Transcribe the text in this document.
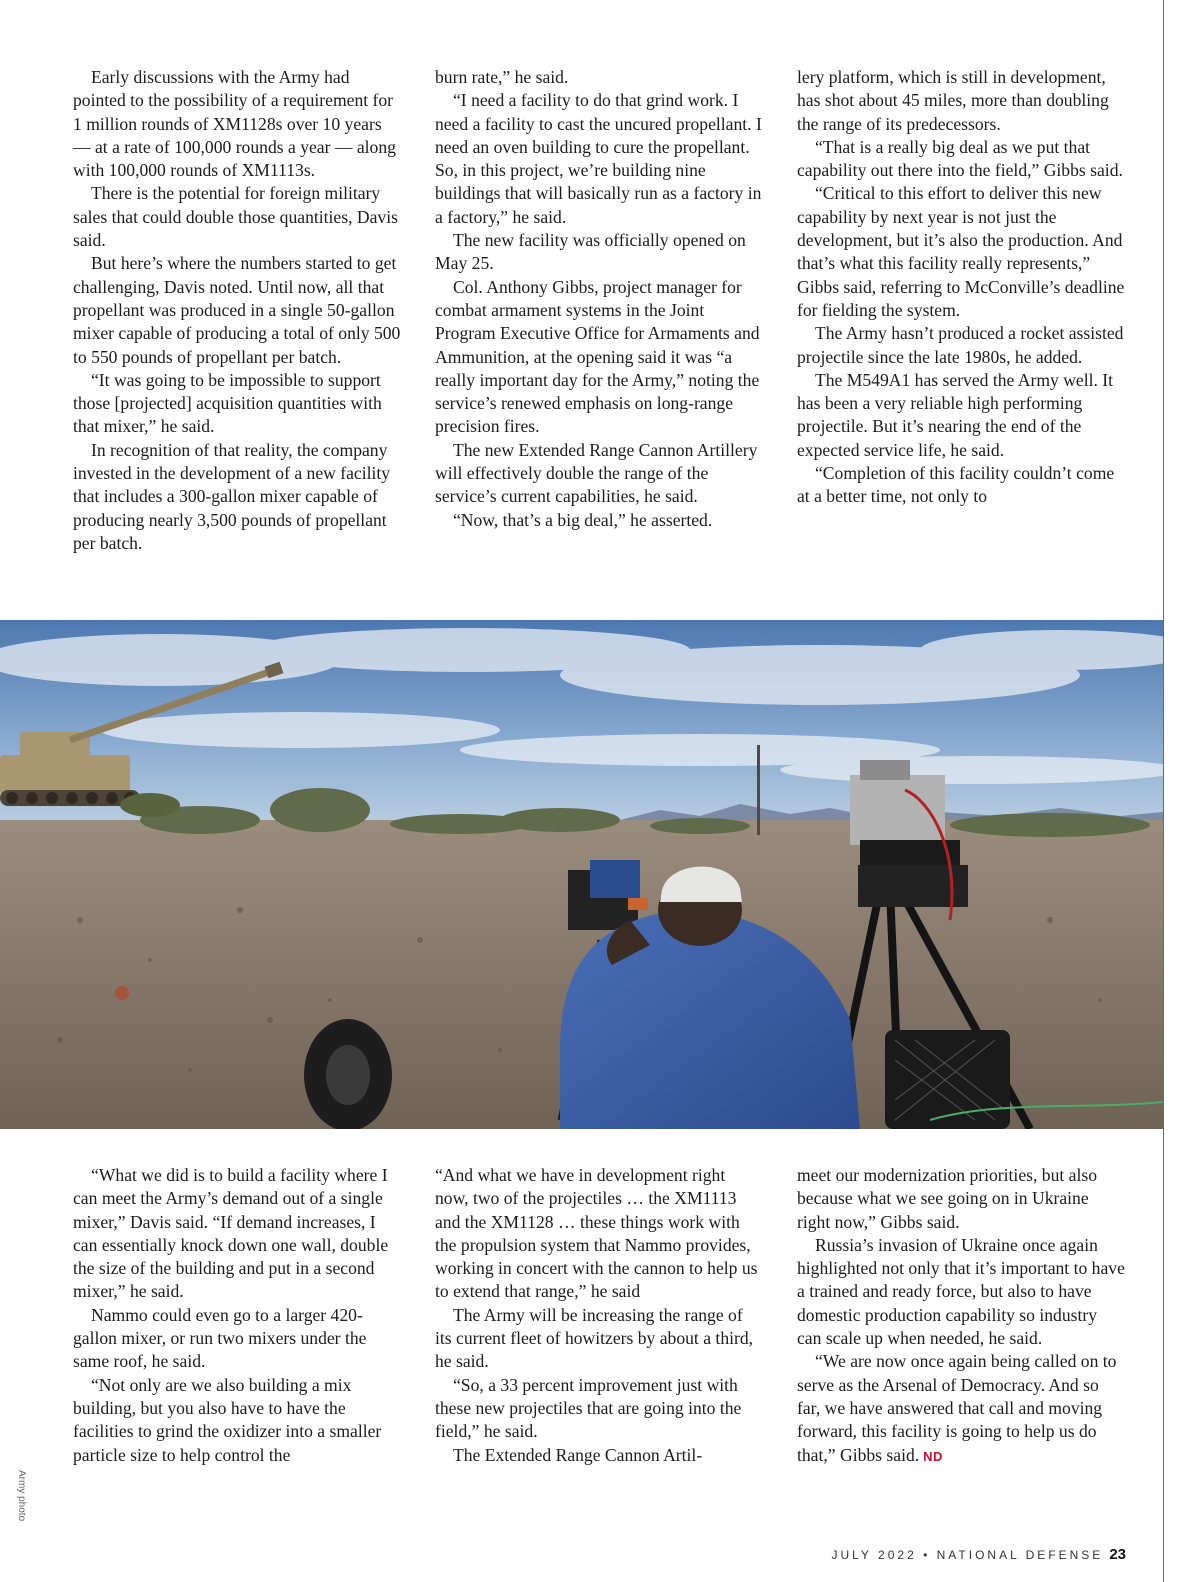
Early discussions with the Army had pointed to the possibility of a requirement for 1 million rounds of XM1128s over 10 years — at a rate of 100,000 rounds a year — along with 100,000 rounds of XM1113s.

There is the potential for foreign military sales that could double those quantities, Davis said.

But here’s where the numbers started to get challenging, Davis noted. Until now, all that propellant was produced in a single 50-gallon mixer capable of producing a total of only 500 to 550 pounds of propellant per batch.

“It was going to be impossible to support those [projected] acquisition quantities with that mixer,” he said.

In recognition of that reality, the company invested in the development of a new facility that includes a 300-gallon mixer capable of producing nearly 3,500 pounds of propellant per batch.

burn rate,” he said.

“I need a facility to do that grind work. I need a facility to cast the uncured propellant. I need an oven building to cure the propellant. So, in this project, we’re building nine buildings that will basically run as a factory in a factory,” he said.

The new facility was officially opened on May 25.

Col. Anthony Gibbs, project manager for combat armament systems in the Joint Program Executive Office for Armaments and Ammunition, at the opening said it was “a really important day for the Army,” noting the service’s renewed emphasis on long-range precision fires.

The new Extended Range Cannon Artillery will effectively double the range of the service’s current capabilities, he said.

“Now, that’s a big deal,” he asserted.

lery platform, which is still in development, has shot about 45 miles, more than doubling the range of its predecessors.

“That is a really big deal as we put that capability out there into the field,” Gibbs said.

“Critical to this effort to deliver this new capability by next year is not just the development, but it’s also the production. And that’s what this facility really represents,” Gibbs said, referring to McConville’s deadline for fielding the system.

The Army hasn’t produced a rocket assisted projectile since the late 1980s, he added.

The M549A1 has served the Army well. It has been a very reliable high performing projectile. But it’s nearing the end of the expected service life, he said.

“Completion of this facility couldn’t come at a better time, not only to

“What we did is to build a facility where I can meet the Army’s demand out of a single mixer,” Davis said. “If demand increases, I can essentially knock down one wall, double the size of the building and put in a second mixer,” he said.

Nammo could even go to a larger 420-gallon mixer, or run two mixers under the same roof, he said.

“Not only are we also building a mix building, but you also have to have the facilities to grind the oxidizer into a smaller particle size to help control the

“And what we have in development right now, two of the projectiles … the XM1113 and the XM1128 … these things work with the propulsion system that Nammo provides, working in concert with the cannon to help us to extend that range,” he said

The Army will be increasing the range of its current fleet of howitzers by about a third, he said.

“So, a 33 percent improvement just with these new projectiles that are going into the field,” he said.

The Extended Range Cannon Artil-

meet our modernization priorities, but also because what we see going on in Ukraine right now,” Gibbs said.

Russia’s invasion of Ukraine once again highlighted not only that it’s important to have a trained and ready force, but also to have domestic production capability so industry can scale up when needed, he said.

“We are now once again being called on to serve as the Arsenal of Democracy. And so far, we have answered that call and moving forward, this facility is going to help us do that,” Gibbs said. ND

Army photo
JULY 2022 • NATIONAL DEFENSE 23
